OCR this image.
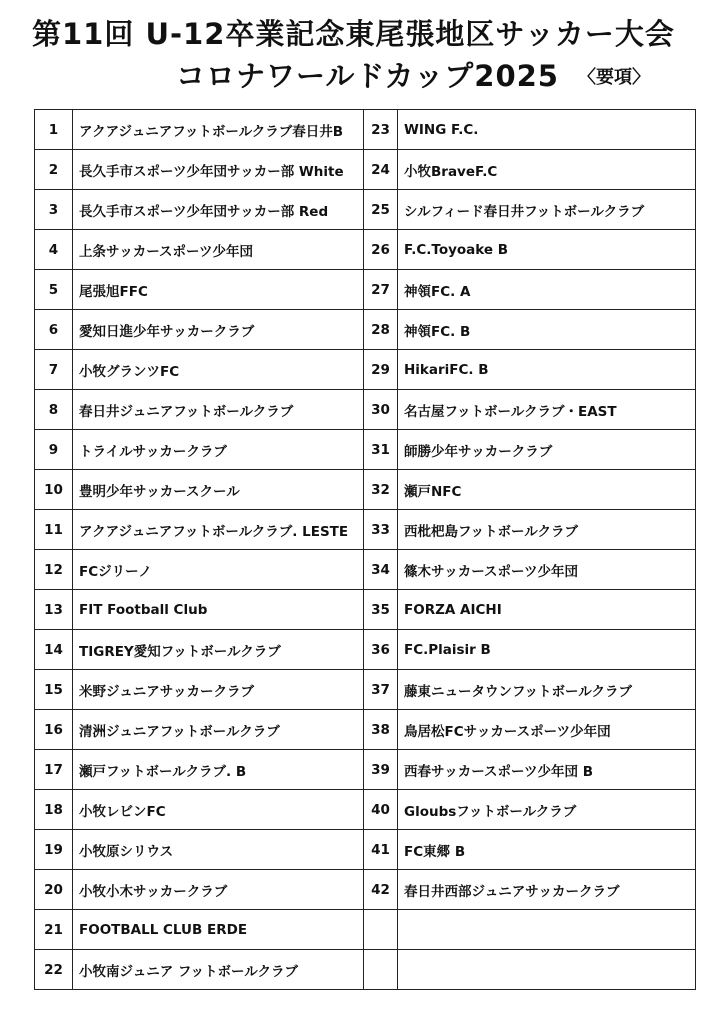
第11回 U-12卒業記念東尾張地区サッカー大会
コロナワールドカップ2025 〈要項〉
1	アクアジュニアフットボールクラブ春日井B	23	WING F.C.
2	長久手市スポーツ少年団サッカー部 White	24	小牧BraveF.C
3	長久手市スポーツ少年団サッカー部 Red	25	シルフィード春日井フットボールクラブ
4	上条サッカースポーツ少年団	26	F.C.Toyoake B
5	尾張旭FFC	27	神領FC. A
6	愛知日進少年サッカークラブ	28	神領FC. B
7	小牧グランツFC	29	HikariFC. B
8	春日井ジュニアフットボールクラブ	30	名古屋フットボールクラブ・EAST
9	トライルサッカークラブ	31	師勝少年サッカークラブ
10	豊明少年サッカースクール	32	瀬戸NFC
11	アクアジュニアフットボールクラブ. LESTE	33	西枇杷島フットボールクラブ
12	FCジリーノ	34	篠木サッカースポーツ少年団
13	FIT Football Club	35	FORZA AICHI
14	TIGREY愛知フットボールクラブ	36	FC.Plaisir B
15	米野ジュニアサッカークラブ	37	藤東ニュータウンフットボールクラブ
16	清洲ジュニアフットボールクラブ	38	鳥居松FCサッカースポーツ少年団
17	瀬戸フットボールクラブ. B	39	西春サッカースポーツ少年団 B
18	小牧レビンFC	40	Gloubsフットボールクラブ
19	小牧原シリウス	41	FC東郷 B
20	小牧小木サッカークラブ	42	春日井西部ジュニアサッカークラブ
21	FOOTBALL CLUB ERDE		
22	小牧南ジュニア フットボールクラブ		
